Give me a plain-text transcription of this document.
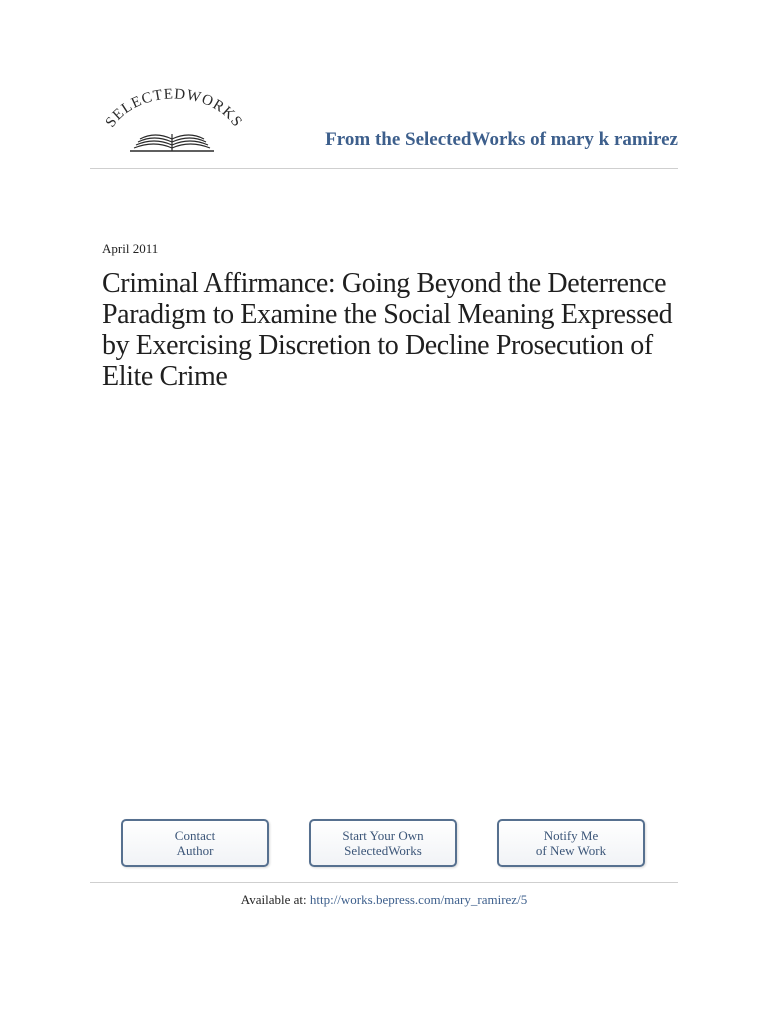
SELECTEDWORKS
From the SelectedWorks of mary k ramirez
April 2011
Criminal Affirmance: Going Beyond the Deterrence Paradigm to Examine the Social Meaning Expressed by Exercising Discretion to Decline Prosecution of Elite Crime
Contact
Author
Start Your Own
SelectedWorks
Notify Me
of New Work
Available at: http://works.bepress.com/mary_ramirez/5
